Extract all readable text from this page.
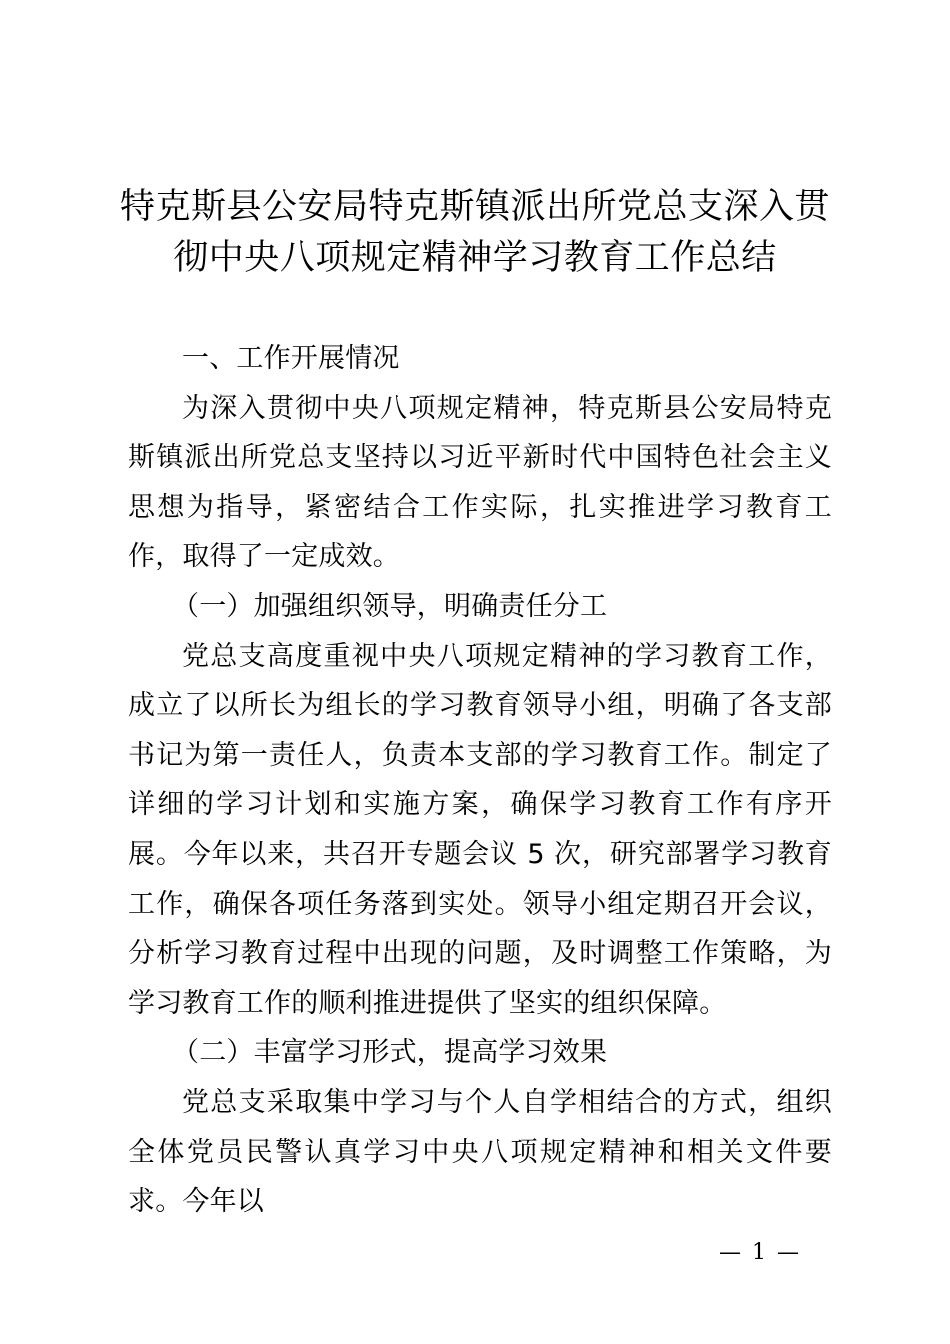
特克斯县公安局特克斯镇派出所党总支深入贯彻中央八项规定精神学习教育工作总结

一、工作开展情况

为深入贯彻中央八项规定精神，特克斯县公安局特克斯镇派出所党总支坚持以习近平新时代中国特色社会主义思想为指导，紧密结合工作实际，扎实推进学习教育工作，取得了一定成效。

（一）加强组织领导，明确责任分工

党总支高度重视中央八项规定精神的学习教育工作，成立了以所长为组长的学习教育领导小组，明确了各支部书记为第一责任人，负责本支部的学习教育工作。制定了详细的学习计划和实施方案，确保学习教育工作有序开展。今年以来，共召开专题会议 5 次，研究部署学习教育工作，确保各项任务落到实处。领导小组定期召开会议，分析学习教育过程中出现的问题，及时调整工作策略，为学习教育工作的顺利推进提供了坚实的组织保障。

（二）丰富学习形式，提高学习效果

党总支采取集中学习与个人自学相结合的方式，组织全体党员民警认真学习中央八项规定精神和相关文件要求。今年以

— 1 —
